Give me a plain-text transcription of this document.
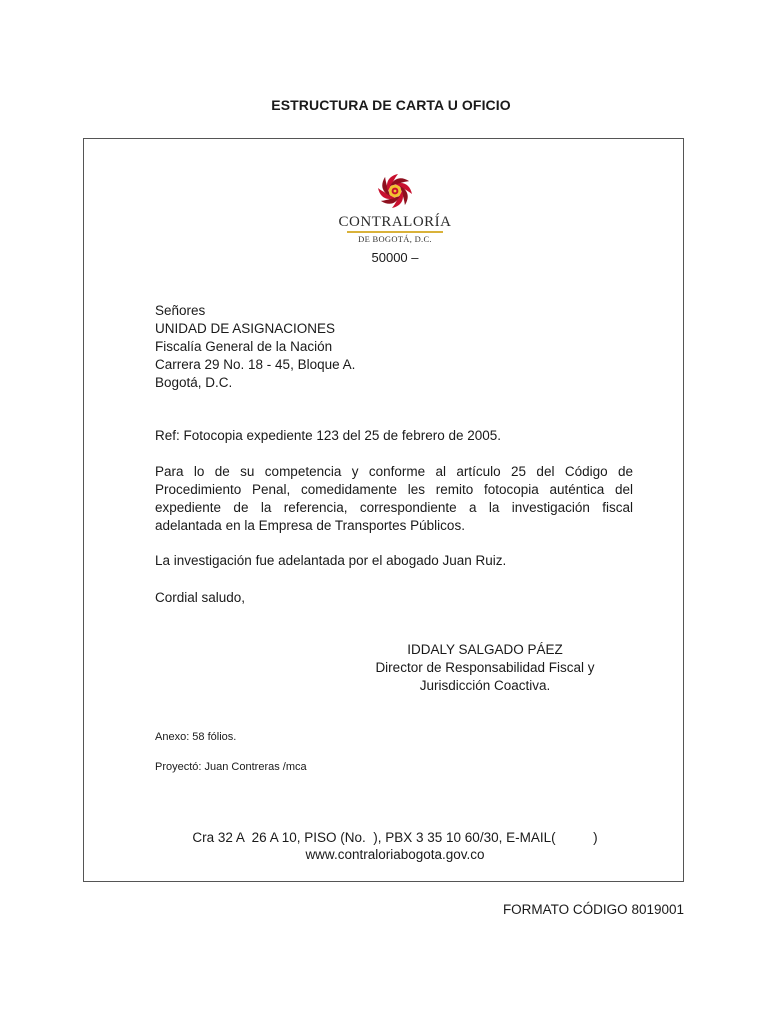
ESTRUCTURA DE CARTA U OFICIO
CONTRALORÍA
DE BOGOTÁ, D.C.
50000 –
Señores
UNIDAD DE ASIGNACIONES
Fiscalía General de la Nación
Carrera 29 No. 18 - 45, Bloque A.
Bogotá, D.C.
Ref: Fotocopia expediente 123 del 25 de febrero de 2005.
Para lo de su competencia y conforme al artículo 25 del Código de Procedimiento Penal, comedidamente les remito fotocopia auténtica del expediente de la referencia, correspondiente a la investigación fiscal adelantada en la Empresa de Transportes Públicos.
La investigación fue adelantada por el abogado Juan Ruiz.
Cordial saludo,
IDDALY SALGADO PÁEZ
Director de Responsabilidad Fiscal y
Jurisdicción Coactiva.
Anexo: 58 fólios.
Proyectó: Juan Contreras /mca
Cra 32 A  26 A 10, PISO (No.  ), PBX 3 35 10 60/30, E-MAIL(          )
www.contraloriabogota.gov.co
FORMATO CÓDIGO 8019001
